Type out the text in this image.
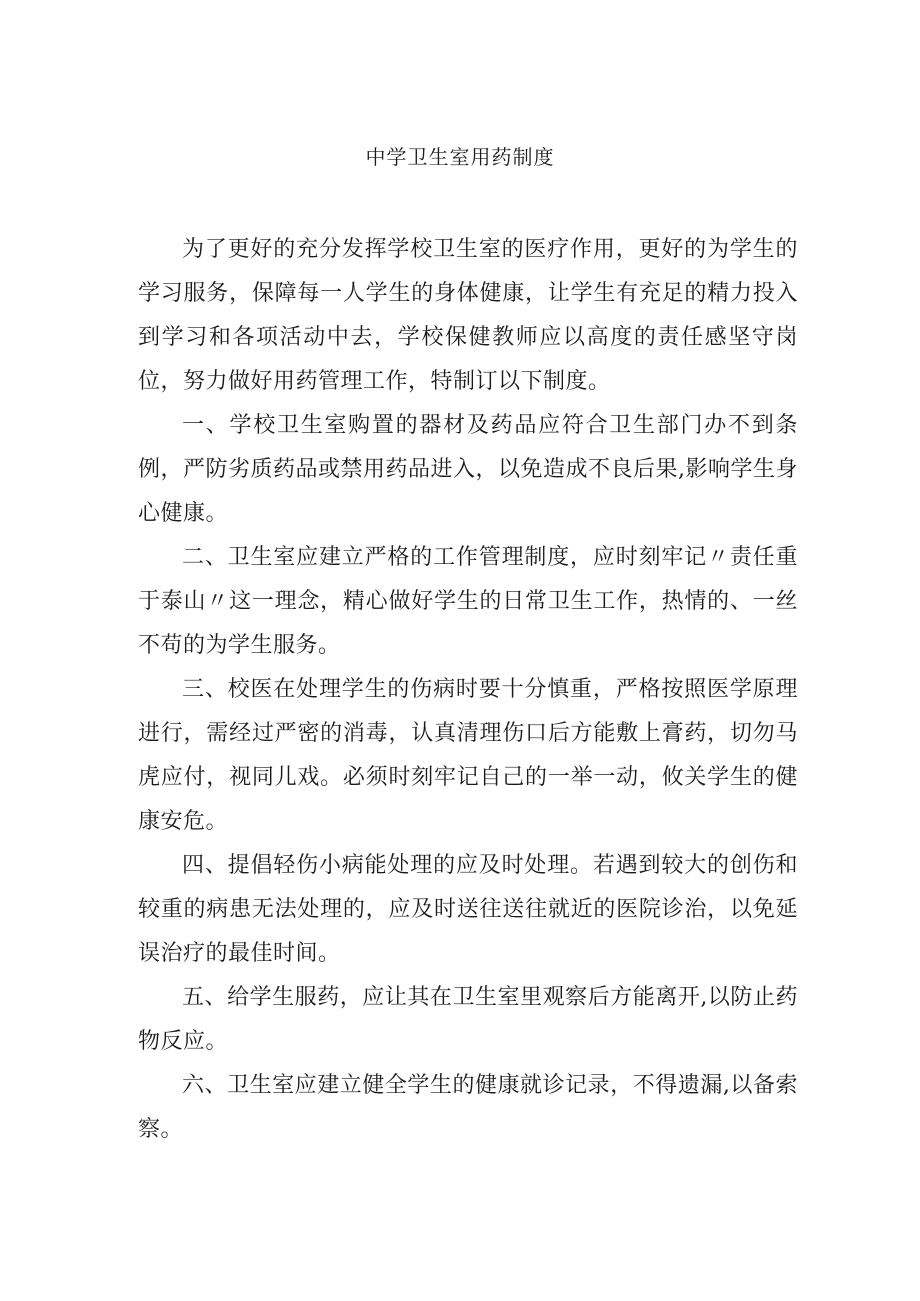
中学卫生室用药制度

为了更好的充分发挥学校卫生室的医疗作用，更好的为学生的学习服务，保障每一人学生的身体健康，让学生有充足的精力投入到学习和各项活动中去，学校保健教师应以高度的责任感坚守岗位，努力做好用药管理工作，特制订以下制度。

一、学校卫生室购置的器材及药品应符合卫生部门办不到条例，严防劣质药品或禁用药品进入，以免造成不良后果,影响学生身心健康。

二、卫生室应建立严格的工作管理制度，应时刻牢记〃责任重于泰山〃这一理念，精心做好学生的日常卫生工作，热情的、一丝不苟的为学生服务。

三、校医在处理学生的伤病时要十分慎重，严格按照医学原理进行，需经过严密的消毒，认真清理伤口后方能敷上膏药，切勿马虎应付，视同儿戏。必须时刻牢记自己的一举一动，攸关学生的健康安危。

四、提倡轻伤小病能处理的应及时处理。若遇到较大的创伤和较重的病患无法处理的，应及时送往送往就近的医院诊治，以免延误治疗的最佳时间。

五、给学生服药，应让其在卫生室里观察后方能离开,以防止药物反应。

六、卫生室应建立健全学生的健康就诊记录，不得遗漏,以备索察。
